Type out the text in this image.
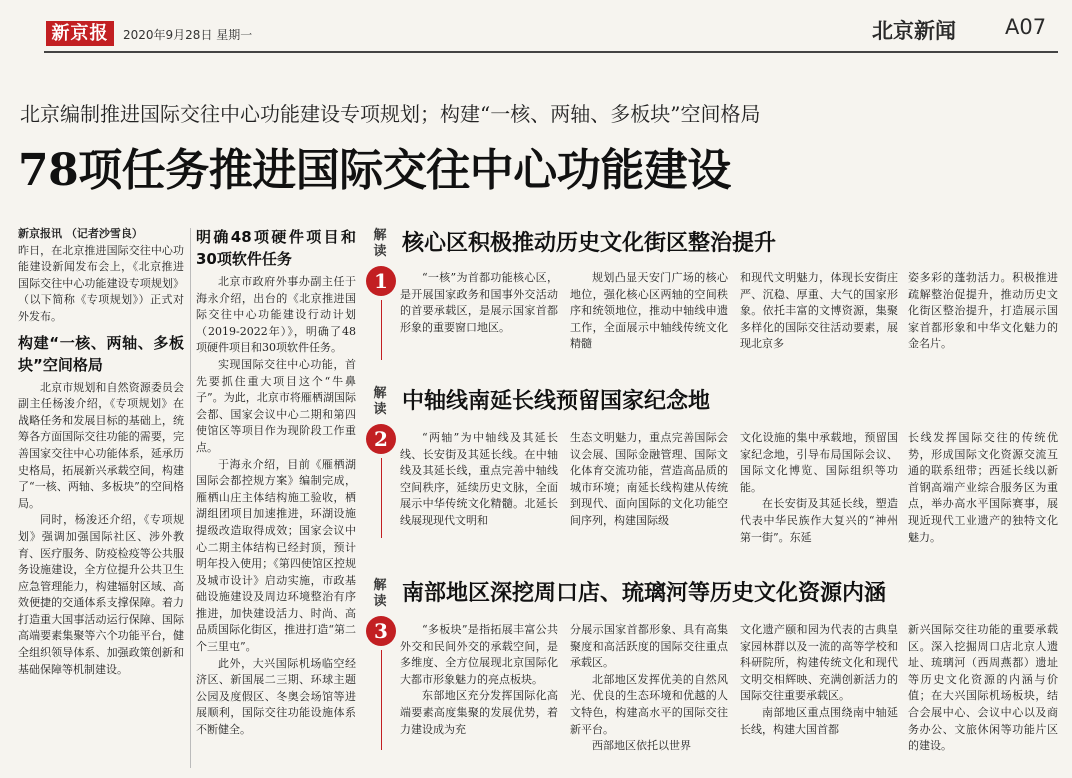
新京报	2020年9月28日 星期一	北京新闻 A07
北京编制推进国际交往中心功能建设专项规划；构建“一核、两轴、多板块”空间格局
78项任务推进国际交往中心功能建设

新京报讯 （记者沙雪良）

昨日，在北京推进国际交往中心功能建设新闻发布会上，《北京推进国际交往中心功能建设专项规划》（以下简称《专项规划》）正式对外发布。

构建“一核、两轴、多板块”空间格局

北京市规划和自然资源委员会副主任杨浚介绍，《专项规划》在战略任务和发展目标的基础上，统筹各方面国际交往功能的需要，完善国家交往中心功能体系，延承历史格局，拓展新兴承载空间，构建了“一核、两轴、多板块”的空间格局。

同时，杨浚还介绍，《专项规划》强调加强国际社区、涉外教育、医疗服务、防疫检疫等公共服务设施建设，全方位提升公共卫生应急管理能力，构建辐射区域、高效便捷的交通体系支撑保障。着力打造重大国事活动运行保障、国际高端要素集聚等六个功能平台，健全组织领导体系、加强政策创新和基础保障等机制建设。

明确48项硬件项目和30项软件任务

北京市政府外事办副主任于海永介绍，出台的《北京推进国际交往中心功能建设行动计划（2019-2022年）》，明确了48项硬件项目和30项软件任务。

实现国际交往中心功能，首先要抓住重大项目这个“牛鼻子”。为此，北京市将雁栖湖国际会都、国家会议中心二期和第四使馆区等项目作为现阶段工作重点。

于海永介绍，目前《雁栖湖国际会都控规方案》编制完成，雁栖山庄主体结构施工验收，栖湖组团项目加速推进，环湖设施提级改造取得成效；国家会议中心二期主体结构已经封顶，预计明年投入使用；《第四使馆区控规及城市设计》启动实施，市政基础设施建设及周边环境整治有序推进，加快建设活力、时尚、高品质国际化街区，推进打造“第二个三里屯”。

此外，大兴国际机场临空经济区、新国展二三期、环球主题公园及度假区、冬奥会场馆等进展顺利，国际交往功能设施体系不断健全。

解读
1
核心区积极推动历史文化街区整治提升

“一核”为首都功能核心区，是开展国家政务和国事外交活动的首要承载区，是展示国家首都形象的重要窗口地区。

规划凸显天安门广场的核心地位，强化核心区两轴的空间秩序和统领地位，推动中轴线申遗工作，全面展示中轴线传统文化精髓

和现代文明魅力，体现长安街庄严、沉稳、厚重、大气的国家形象。依托丰富的文博资源，集聚多样化的国际交往活动要素，展现北京多

姿多彩的蓬勃活力。积极推进疏解整治促提升，推动历史文化街区整治提升，打造展示国家首都形象和中华文化魅力的金名片。

解读
2
中轴线南延长线预留国家纪念地

“两轴”为中轴线及其延长线、长安街及其延长线。在中轴线及其延长线，重点完善中轴线空间秩序，延续历史文脉，全面展示中华传统文化精髓。北延长线展现现代文明和

生态文明魅力，重点完善国际会议会展、国际金融管理、国际文化体育交流功能，营造高品质的城市环境；南延长线构建从传统到现代、面向国际的文化功能空间序列，构建国际级

文化设施的集中承载地，预留国家纪念地，引导布局国际会议、国际文化博览、国际组织等功能。

在长安街及其延长线，塑造代表中华民族作大复兴的“神州第一街”。东延

长线发挥国际交往的传统优势，形成国际文化资源交流互通的联系纽带；西延长线以新首钢高端产业综合服务区为重点，举办高水平国际赛事，展现近现代工业遗产的独特文化魅力。

解读
3
南部地区深挖周口店、琉璃河等历史文化资源内涵

“多板块”是指拓展丰富公共外交和民间外交的承载空间，是多维度、全方位展现北京国际化大都市形象魅力的亮点板块。

东部地区充分发挥国际化高端要素高度集聚的发展优势，着力建设成为充

分展示国家首都形象、具有高集聚度和高活跃度的国际交往重点承载区。

北部地区发挥优美的自然风光、优良的生态环境和优越的人文特色，构建高水平的国际交往新平台。

西部地区依托以世界

文化遗产颐和园为代表的古典皇家园林群以及一流的高等学校和科研院所，构建传统文化和现代文明交相辉映、充满创新活力的国际交往重要承载区。

南部地区重点围绕南中轴延长线，构建大国首都

新兴国际交往功能的重要承载区。深入挖掘周口店北京人遗址、琉璃河（西周燕都）遗址等历史文化资源的内涵与价值；在大兴国际机场板块，结合会展中心、会议中心以及商务办公、文旅休闲等功能片区的建设。
